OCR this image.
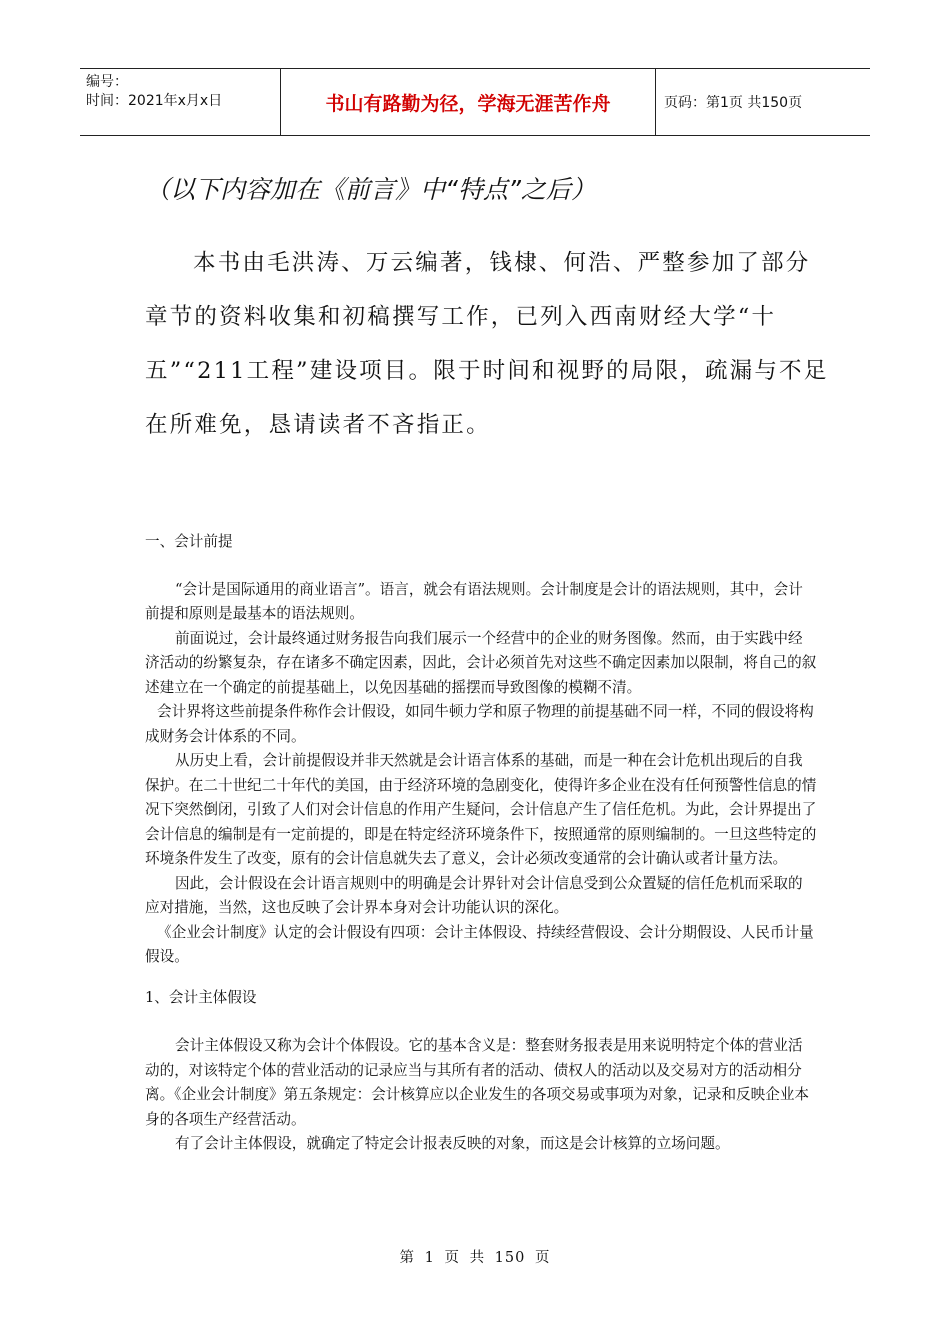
编号：
时间：2021年x月x日	书山有路勤为径，学海无涯苦作舟	页码：第1页 共150页
（以下内容加在《前言》中“特点”之后）

本书由毛洪涛、万云编著，钱棣、何浩、严整参加了部分章节的资料收集和初稿撰写工作，已列入西南财经大学“十五”“211工程”建设项目。限于时间和视野的局限，疏漏与不足在所难免，恳请读者不吝指正。

一、会计前提

“会计是国际通用的商业语言”。语言，就会有语法规则。会计制度是会计的语法规则，其中，会计前提和原则是最基本的语法规则。

前面说过，会计最终通过财务报告向我们展示一个经营中的企业的财务图像。然而，由于实践中经济活动的纷繁复杂，存在诸多不确定因素，因此，会计必须首先对这些不确定因素加以限制，将自己的叙述建立在一个确定的前提基础上，以免因基础的摇摆而导致图像的模糊不清。

会计界将这些前提条件称作会计假设，如同牛顿力学和原子物理的前提基础不同一样，不同的假设将构成财务会计体系的不同。

从历史上看，会计前提假设并非天然就是会计语言体系的基础，而是一种在会计危机出现后的自我保护。在二十世纪二十年代的美国，由于经济环境的急剧变化，使得许多企业在没有任何预警性信息的情况下突然倒闭，引致了人们对会计信息的作用产生疑问，会计信息产生了信任危机。为此，会计界提出了会计信息的编制是有一定前提的，即是在特定经济环境条件下，按照通常的原则编制的。一旦这些特定的环境条件发生了改变，原有的会计信息就失去了意义，会计必须改变通常的会计确认或者计量方法。

因此，会计假设在会计语言规则中的明确是会计界针对会计信息受到公众置疑的信任危机而采取的应对措施，当然，这也反映了会计界本身对会计功能认识的深化。

《企业会计制度》认定的会计假设有四项：会计主体假设、持续经营假设、会计分期假设、人民币计量假设。

1、会计主体假设

会计主体假设又称为会计个体假设。它的基本含义是：整套财务报表是用来说明特定个体的营业活动的，对该特定个体的营业活动的记录应当与其所有者的活动、债权人的活动以及交易对方的活动相分离。《企业会计制度》第五条规定：会计核算应以企业发生的各项交易或事项为对象，记录和反映企业本身的各项生产经营活动。

有了会计主体假设，就确定了特定会计报表反映的对象，而这是会计核算的立场问题。

第 1 页 共 150 页
